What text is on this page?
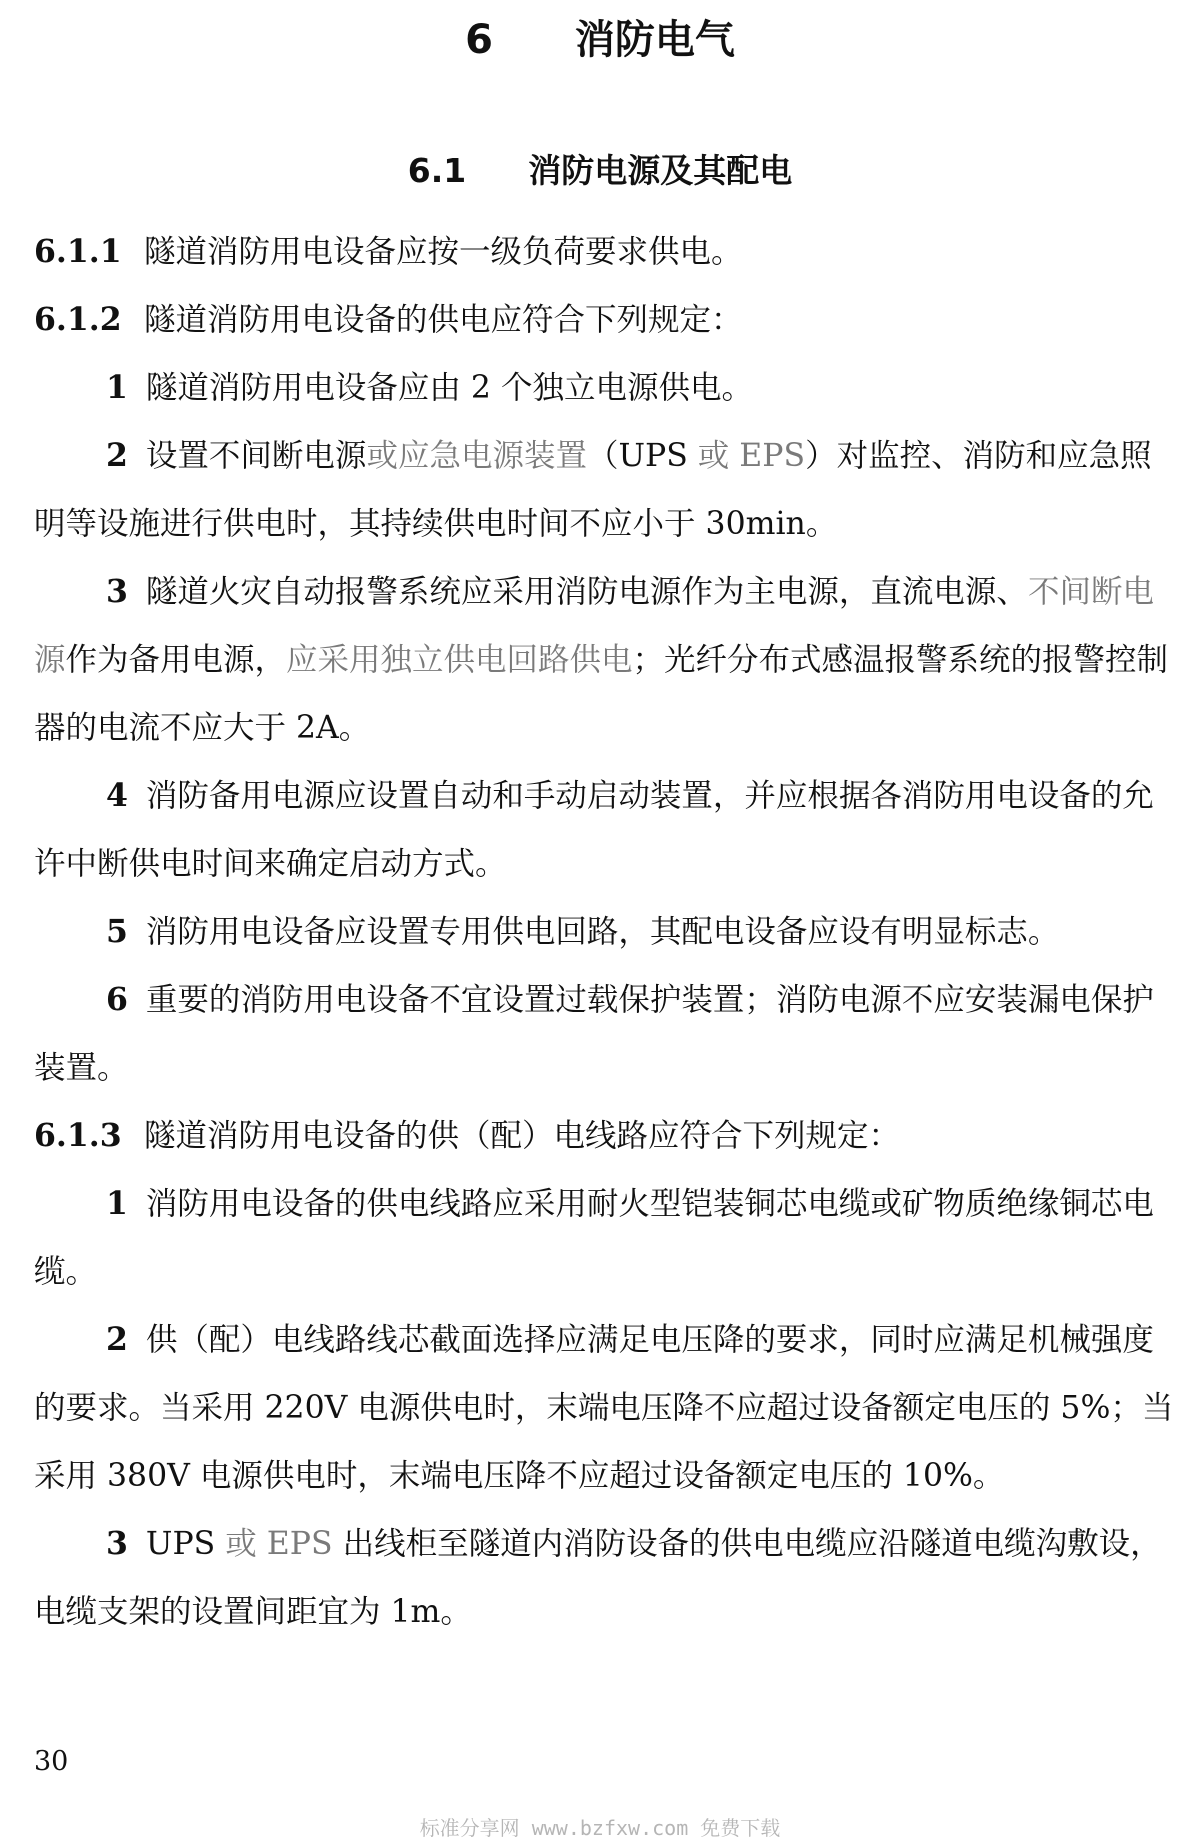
6 消防电气
6.1 消防电源及其配电

6.1.1 隧道消防用电设备应按一级负荷要求供电。

6.1.2 隧道消防用电设备的供电应符合下列规定：

1 隧道消防用电设备应由 2 个独立电源供电。

2 设置不间断电源或应急电源装置（UPS 或 EPS）对监控、消防和应急照明等设施进行供电时，其持续供电时间不应小于 30min。

3 隧道火灾自动报警系统应采用消防电源作为主电源，直流电源、不间断电源作为备用电源，应采用独立供电回路供电；光纤分布式感温报警系统的报警控制器的电流不应大于 2A。

4 消防备用电源应设置自动和手动启动装置，并应根据各消防用电设备的允许中断供电时间来确定启动方式。

5 消防用电设备应设置专用供电回路，其配电设备应设有明显标志。

6 重要的消防用电设备不宜设置过载保护装置；消防电源不应安装漏电保护装置。

6.1.3 隧道消防用电设备的供（配）电线路应符合下列规定：

1 消防用电设备的供电线路应采用耐火型铠装铜芯电缆或矿物质绝缘铜芯电缆。

2 供（配）电线路线芯截面选择应满足电压降的要求，同时应满足机械强度的要求。当采用 220V 电源供电时，末端电压降不应超过设备额定电压的 5%；当采用 380V 电源供电时，末端电压降不应超过设备额定电压的 10%。

3 UPS 或 EPS 出线柜至隧道内消防设备的供电电缆应沿隧道电缆沟敷设，电缆支架的设置间距宜为 1m。

30
标准分享网 www.bzfxw.com 免费下载
